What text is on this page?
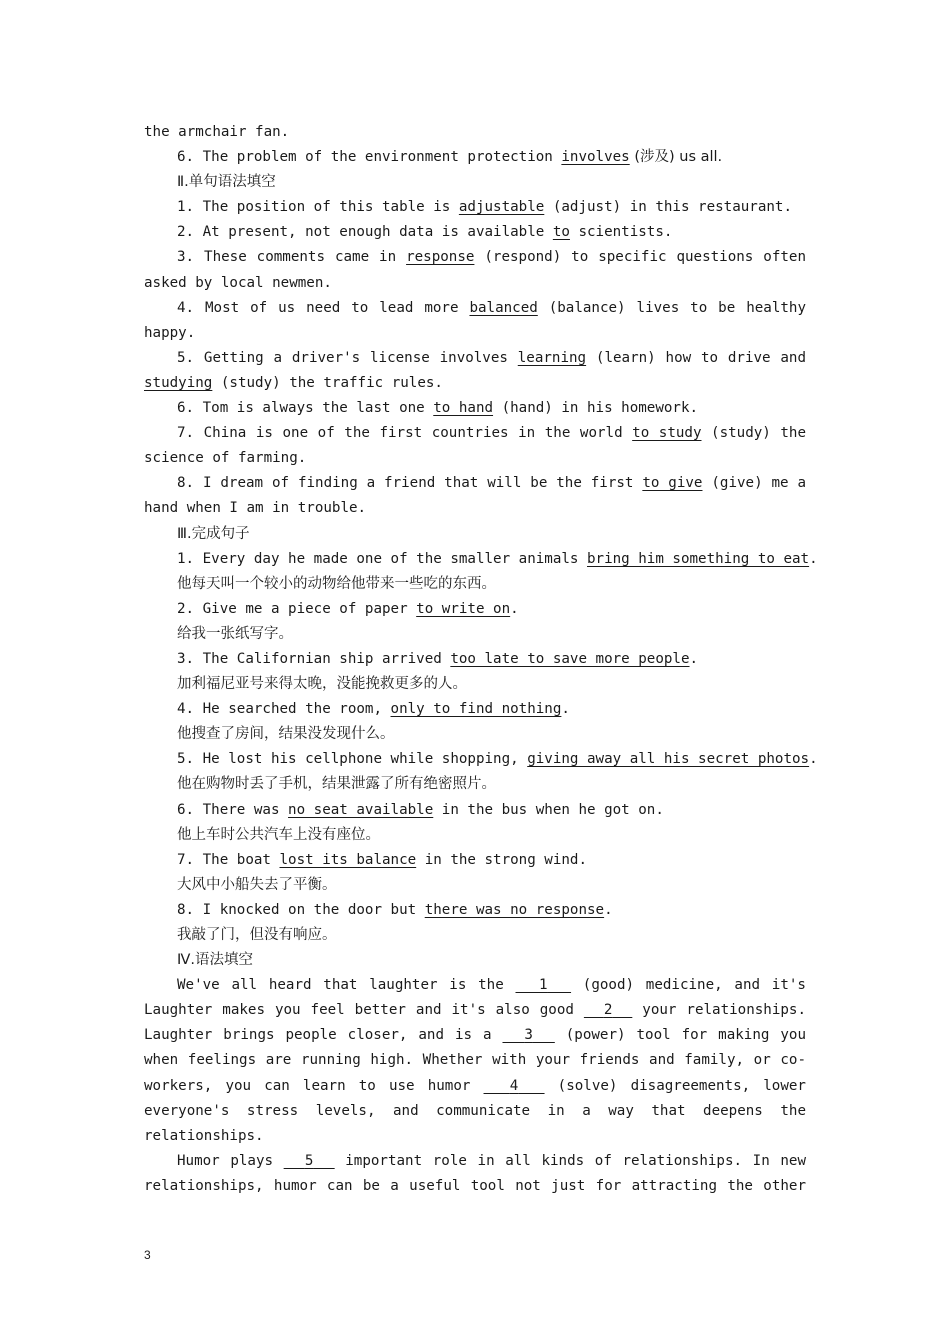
the armchair fan.
6. The problem of the environment protection involves (涉及) us all.
Ⅱ.单句语法填空
1. The position of this table is adjustable (adjust) in this restaurant.
2. At present, not enough data is available to scientists.
3. These comments came in response (respond) to specific questions often
asked by local newmen.
4. Most of us need to lead more balanced (balance) lives to be healthy
happy.
5. Getting a driver's license involves learning (learn) how to drive and
studying (study) the traffic rules.
6. Tom is always the last one to hand (hand) in his homework.
7. China is one of the first countries in the world to study (study) the
science of farming.
8. I dream of finding a friend that will be the first to give (give) me a
hand when I am in trouble.
Ⅲ.完成句子
1. Every day he made one of the smaller animals bring him something to eat.
他每天叫一个较小的动物给他带来一些吃的东西。
2. Give me a piece of paper to write on.
给我一张纸写字。
3. The Californian ship arrived too late to save more people.
加利福尼亚号来得太晚，没能挽救更多的人。
4. He searched the room, only to find nothing.
他搜查了房间，结果没发现什么。
5. He lost his cellphone while shopping, giving away all his secret photos.
他在购物时丢了手机，结果泄露了所有绝密照片。
6. There was no seat available in the bus when he got on.
他上车时公共汽车上没有座位。
7. The boat lost its balance in the strong wind.
大风中小船失去了平衡。
8. I knocked on the door but there was no response.
我敲了门，但没有响应。
Ⅳ.语法填空
We've all heard that laughter is the   1   (good) medicine, and it's
Laughter makes you feel better and it's also good   2   your relationships.
Laughter brings people closer, and is a   3   (power) tool for making you
when feelings are running high. Whether with your friends and family, or co-
workers, you can learn to use humor   4   (solve) disagreements, lower
everyone's stress levels, and communicate in a way that deepens the
relationships.
Humor plays   5   important role in all kinds of relationships. In new
relationships, humor can be a useful tool not just for attracting the other
3
